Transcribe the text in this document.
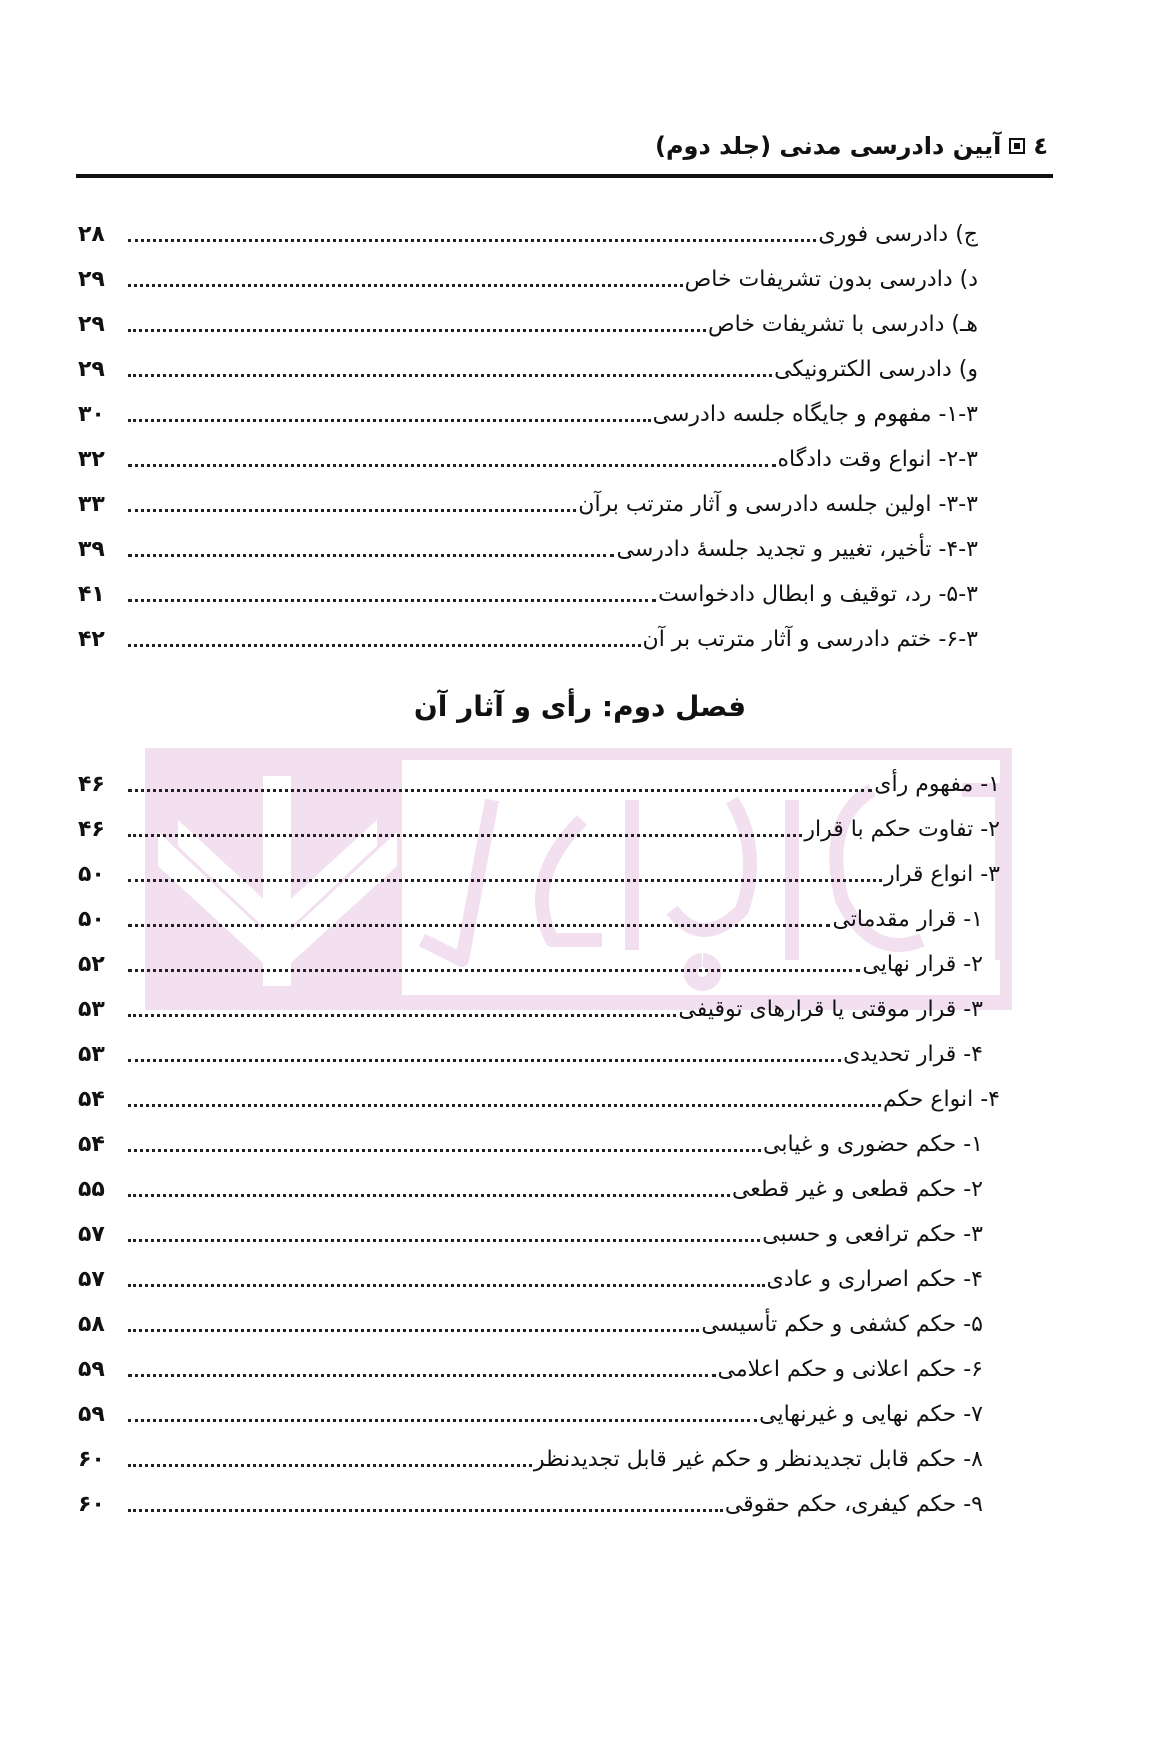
٤
آیین دادرسی مدنی (جلد دوم)
ج) دادرسی فوری
۲۸
د) دادرسی بدون تشریفات خاص
۲۹
هـ) دادرسی با تشریفات خاص
۲۹
و) دادرسی الکترونیکی
۲۹
۱-۳- مفهوم و جایگاه جلسه دادرسی
۳۰
۲-۳- انواع وقت دادگاه
۳۲
۳-۳- اولین جلسه دادرسی و آثار مترتب برآن
۳۳
۴-۳- تأخیر، تغییر و تجدید جلسهٔ دادرسی
۳۹
۵-۳- رد، توقیف و ابطال دادخواست
۴۱
۶-۳- ختم دادرسی و آثار مترتب بر آن
۴۲
فصل دوم: رأی و آثار آن
۱- مفهوم رأی
۴۶
۲- تفاوت حکم با قرار
۴۶
۳- انواع قرار
۵۰
۱- قرار مقدماتی
۵۰
۲- قرار نهایی
۵۲
۳- قرار موقتی یا قرارهای توقیفی
۵۳
۴- قرار تحدیدی
۵۳
۴- انواع حکم
۵۴
۱- حکم حضوری و غیابی
۵۴
۲- حکم قطعی و غیر قطعی
۵۵
۳- حکم ترافعی و حسبی
۵۷
۴- حکم اصراری و عادی
۵۷
۵- حکم کشفی و حکم تأسیسی
۵۸
۶- حکم اعلانی و حکم اعلامی
۵۹
۷- حکم نهایی و غیرنهایی
۵۹
۸- حکم قابل تجدیدنظر و حکم غیر قابل تجدیدنظر
۶۰
۹- حکم کیفری، حکم حقوقی
۶۰
